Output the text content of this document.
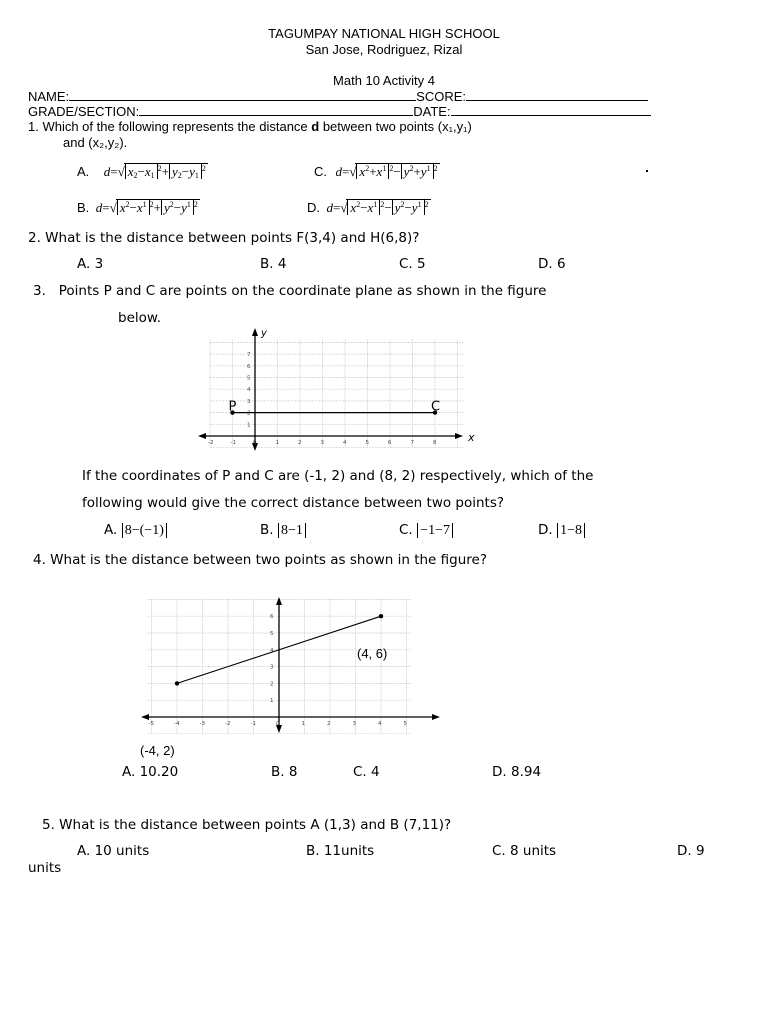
TAGUMPAY NATIONAL HIGH SCHOOL
San Jose, Rodriguez, Rizal
Math 10 Activity 4
NAME:	SCORE:
GRADE/SECTION:	DATE:
1. Which of the following represents the distance d between two points (x₁,y₁)
and (x₂,y₂).
A. d=√ $x_2-x_1^2+ y_2-y_1^2$	C. d=√ $x^2+x^1$ $^2- y^2+y^1$ $^2$
B. d=√ $x^2-x^1$ $^2+ y^2-y^1$ $^2$	D. d=√ $x^2-x^1$ $^2- y^2-y^1$ $^2$
2. What is the distance between points F(3,4) and H(6,8)?
A. 3	B. 4	C. 5	D. 6
3.   Points P and C are points on the coordinate plane as shown in the figure
below.
x
y
-2	-1	0	1	2	3	4	5	6	7	8
1
2
3
4
5
6
7
P	C
If the coordinates of P and C are (-1, 2) and (8, 2) respectively, which of the
following would give the correct distance between two points?
A. 8−(−1)	B. 8−1	C. −1−7	D. 1−8
4. What is the distance between two points as shown in the figure?
-5	-4	-3	-2	-1	0	1	2	3	4	5
1
2
3
4
5
6
(4, 6)
(-4, 2)
A. 10.20	B. 8	C. 4	D. 8.94
5. What is the distance between points A (1,3) and B (7,11)?
A. 10 units	B. 11units	C. 8 units	D. 9
units
